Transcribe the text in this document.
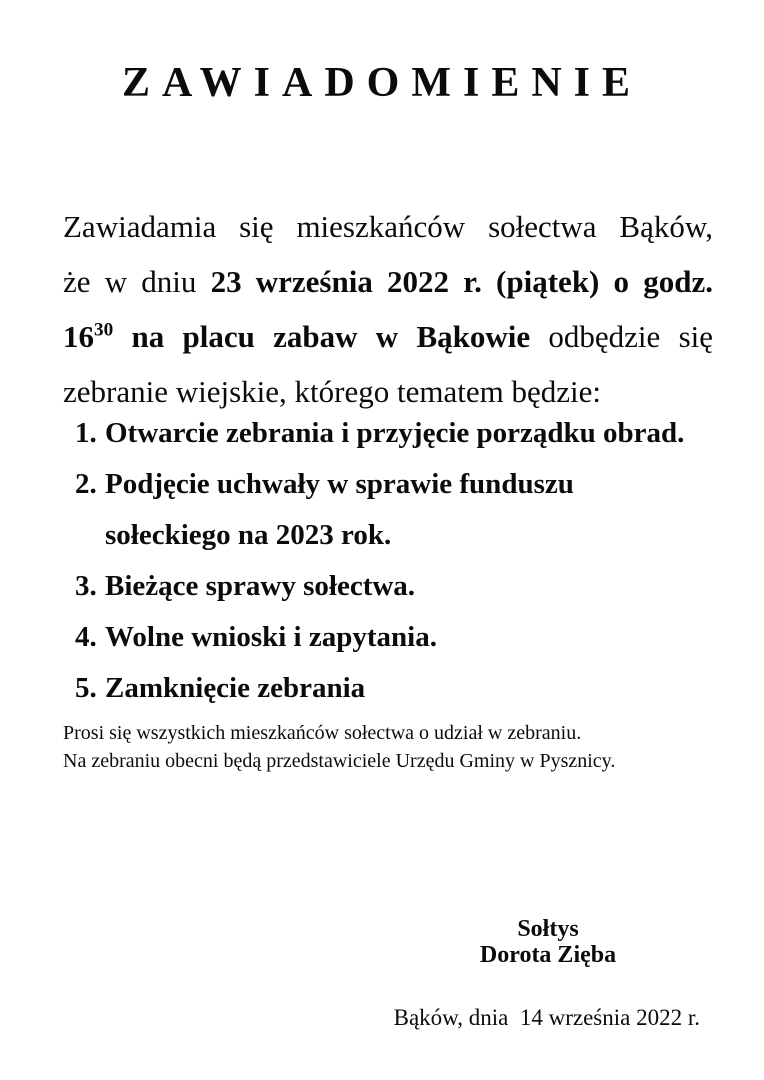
ZAWIADOMIENIE
Zawiadamia się mieszkańców sołectwa Bąków,
że w dniu 23 września 2022 r. (piątek) o godz.
$16^{30}$ na placu zabaw w Bąkowie odbędzie się
zebranie wiejskie, którego tematem będzie:
1. Otwarcie zebrania i przyjęcie porządku obrad.
2. Podjęcie uchwały w sprawie funduszu
sołeckiego na 2023 rok.
3. Bieżące sprawy sołectwa.
4. Wolne wnioski i zapytania.
5. Zamknięcie zebrania
Prosi się wszystkich mieszkańców sołectwa o udział w zebraniu.
Na zebraniu obecni będą przedstawiciele Urzędu Gminy w Pysznicy.
Sołtys
Dorota Zięba
Bąków, dnia  14 września 2022 r.
